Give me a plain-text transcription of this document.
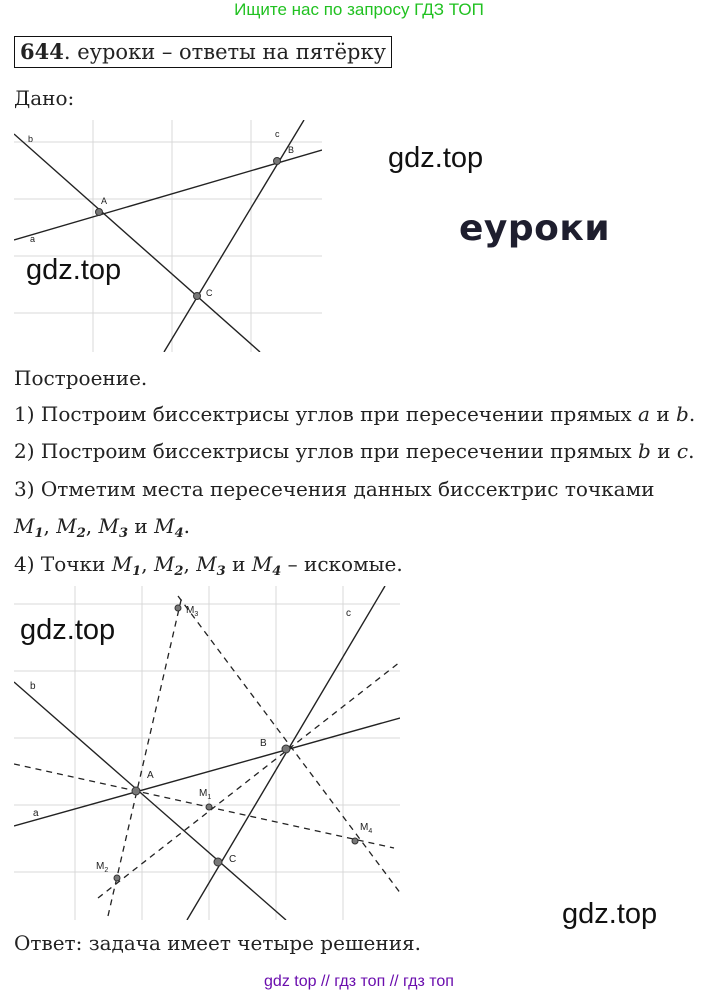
Ищите нас по запросу ГДЗ ТОП
644. еуроки – ответы на пятёрку
Дано:
a
b	c
A
B
C
gdz.top
еуроки
gdz.top
Построение.
1) Построим биссектрисы углов при пересечении прямых a и b.
2) Построим биссектрисы углов при пересечении прямых b и c.
3) Отметим места пересечения данных биссектрис точками
$M_1$, $M_2$, $M_3$ и $M_4$.
4) Точки $M_1$, $M_2$, $M_3$ и $M_4$ – искомые.
a
b
c
A
B
C
$M_1$
$M_2$
$M_3$
$M_4$
gdz.top
gdz.top
Ответ: задача имеет четыре решения.
gdz top // гдз топ // гдз топ
